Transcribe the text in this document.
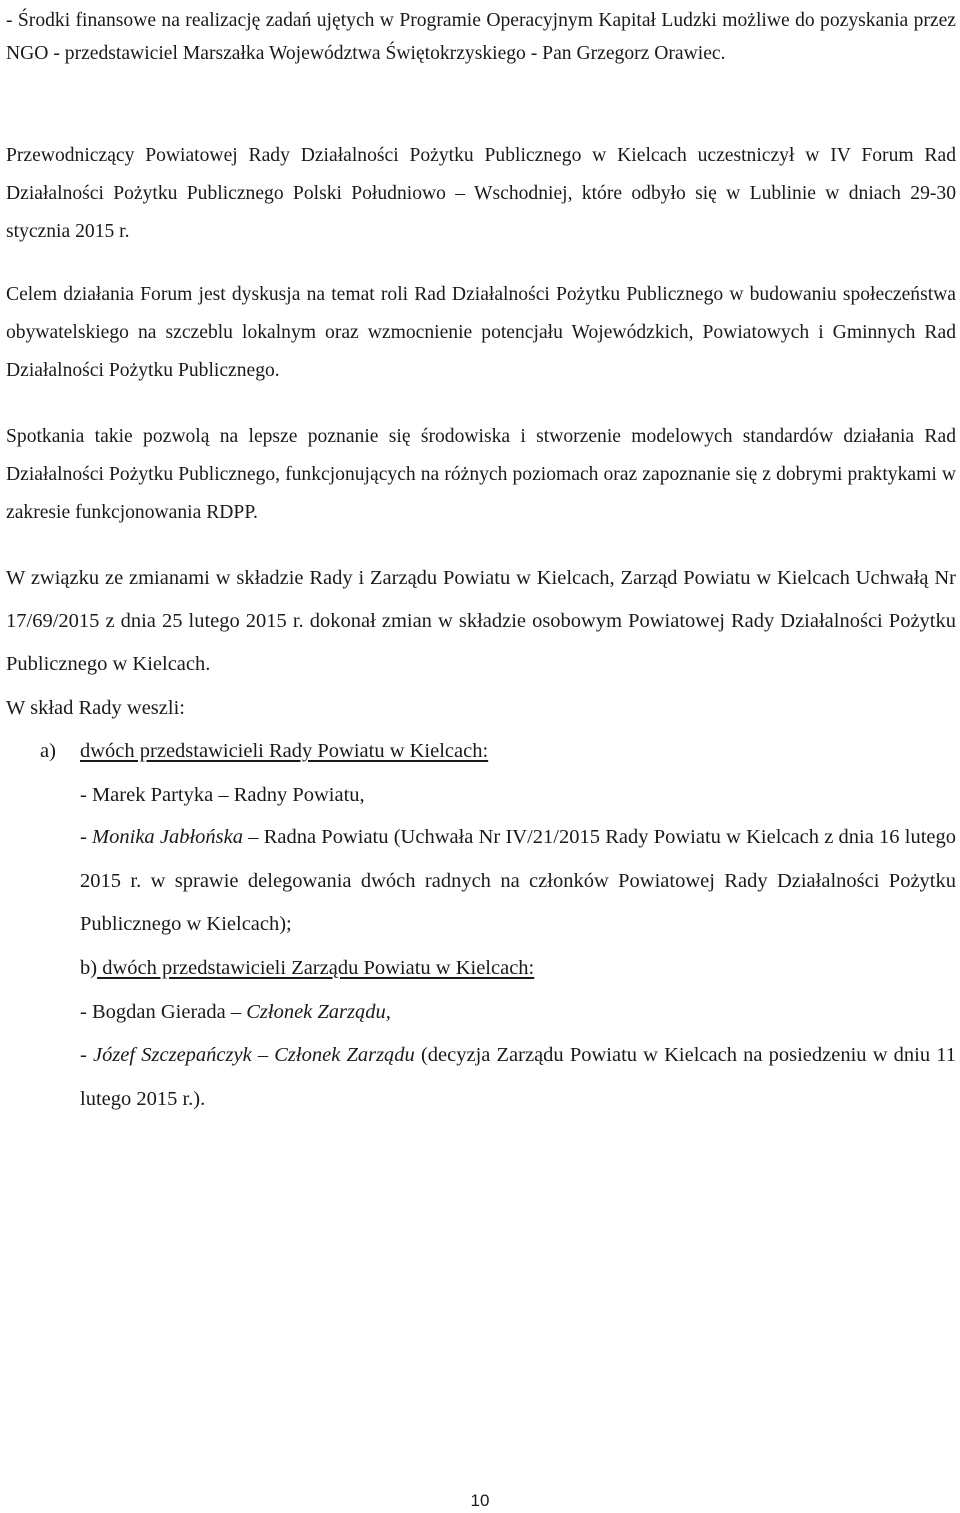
- Środki finansowe na realizację zadań ujętych w Programie Operacyjnym Kapitał Ludzki możliwe do pozyskania przez NGO - przedstawiciel Marszałka Województwa Świętokrzyskiego - Pan Grzegorz Orawiec.

Przewodniczący Powiatowej Rady Działalności Pożytku Publicznego w Kielcach uczestniczył w IV Forum Rad Działalności Pożytku Publicznego Polski Południowo – Wschodniej, które odbyło się w Lublinie w dniach 29-30 stycznia 2015 r.

Celem działania Forum jest dyskusja na temat roli Rad Działalności Pożytku Publicznego w budowaniu społeczeństwa obywatelskiego na szczeblu lokalnym oraz wzmocnienie potencjału Wojewódzkich, Powiatowych i Gminnych Rad Działalności Pożytku Publicznego.

Spotkania takie pozwolą na lepsze poznanie się środowiska i stworzenie modelowych standardów działania Rad Działalności Pożytku Publicznego, funkcjonujących na różnych poziomach oraz zapoznanie się z dobrymi praktykami w zakresie funkcjonowania RDPP.

W związku ze zmianami w składzie Rady i Zarządu Powiatu w Kielcach, Zarząd Powiatu w Kielcach Uchwałą Nr 17/69/2015 z dnia 25 lutego 2015 r. dokonał zmian w składzie osobowym Powiatowej Rady Działalności Pożytku Publicznego w Kielcach.

W skład Rady weszli:
a) dwóch przedstawicieli Rady Powiatu w Kielcach:
- Marek Partyka – Radny Powiatu,

- Monika Jabłońska – Radna Powiatu (Uchwała Nr IV/21/2015 Rady Powiatu w Kielcach z dnia 16 lutego 2015 r. w sprawie delegowania dwóch radnych na członków Powiatowej Rady Działalności Pożytku Publicznego w Kielcach);

b) dwóch przedstawicieli Zarządu Powiatu w Kielcach:
- Bogdan Gierada – Członek Zarządu,

- Józef Szczepańczyk – Członek Zarządu (decyzja Zarządu Powiatu w Kielcach na posiedzeniu w dniu 11 lutego 2015 r.).

10
